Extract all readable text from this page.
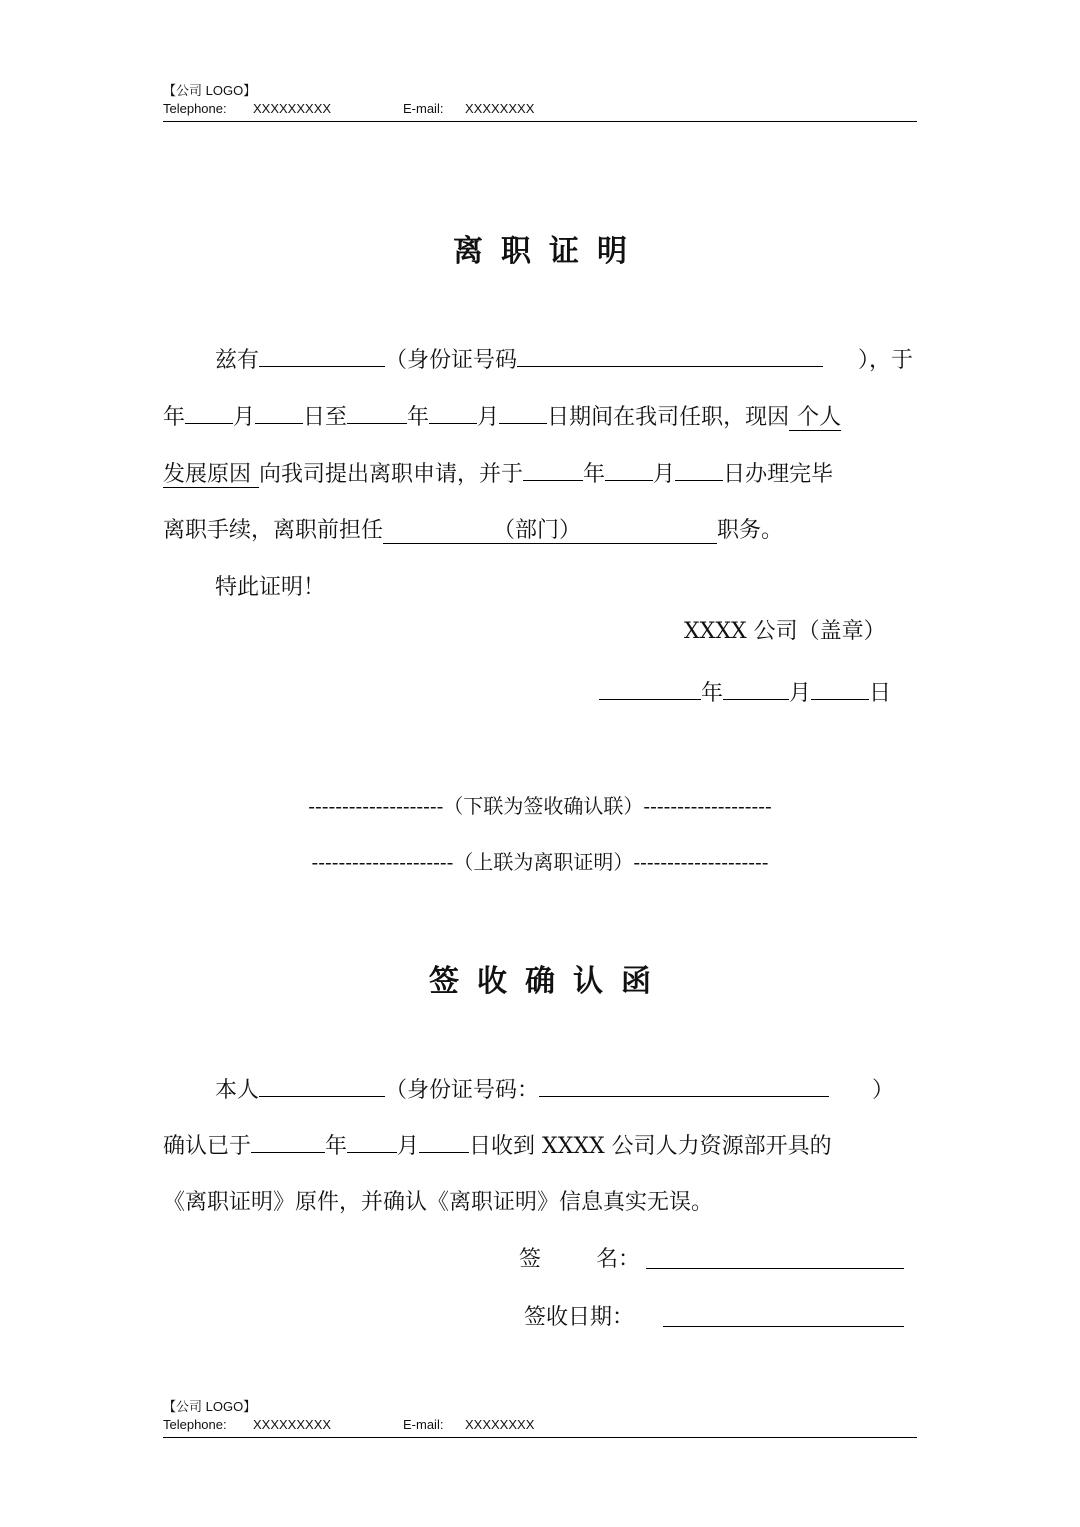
【公司 LOGO】
Telephone: XXXXXXXXX	E-mail: XXXXXXXX
离职证明
兹有	（身份证号码	），于
年 月 日至	年 月 日期间在我司任职，现因 个人
发展原因 向我司提出离职申请，并于	年 月 日办理完毕
离职手续，离职前担任	（部门）	职务。
特此证明！
XXXX 公司（盖章）
年	月	日
--------------------（下联为签收确认联）-------------------
---------------------（上联为离职证明）--------------------
签收确认函
本人	（身份证号码：	）
确认已于	年 月 日收到 XXXX 公司人力资源部开具的
《离职证明》原件，并确认《离职证明》信息真实无误。
签 名：
签收日期：
【公司 LOGO】
Telephone: XXXXXXXXX	E-mail: XXXXXXXX
